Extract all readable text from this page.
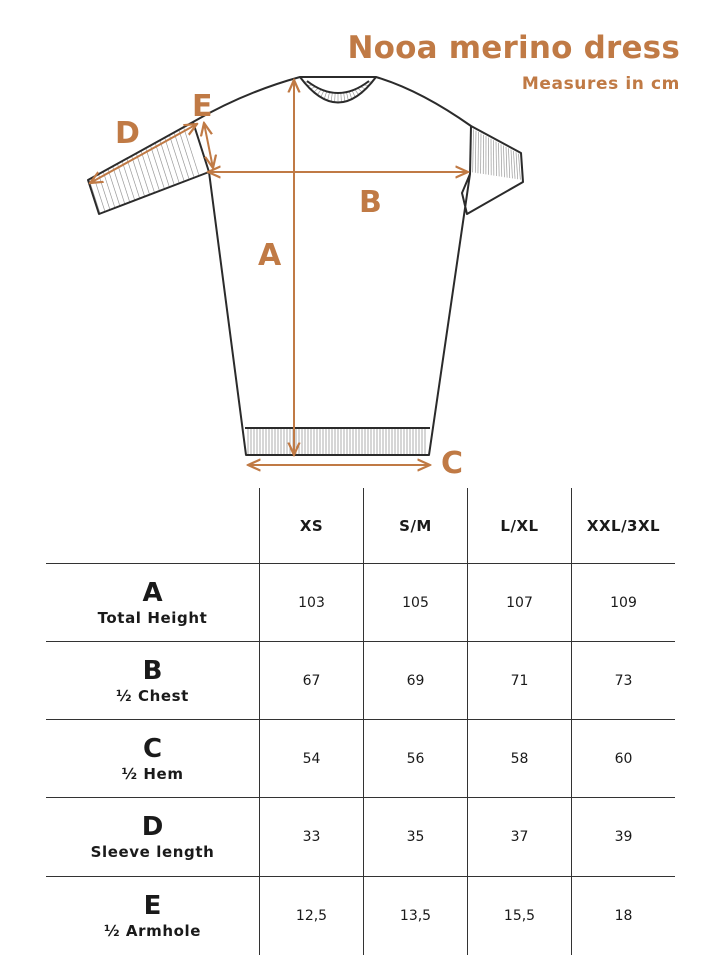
Nooa merino dress
Measures in cm
A
B
C
D
E
XS	S/M	L/XL	XXL/3XL
A
Total Height
103	105	107	109
B
½ Chest
67	69	71	73
C
½ Hem
54	56	58	60
D
Sleeve length
33	35	37	39
E
½ Armhole
12,5	13,5	15,5	18
